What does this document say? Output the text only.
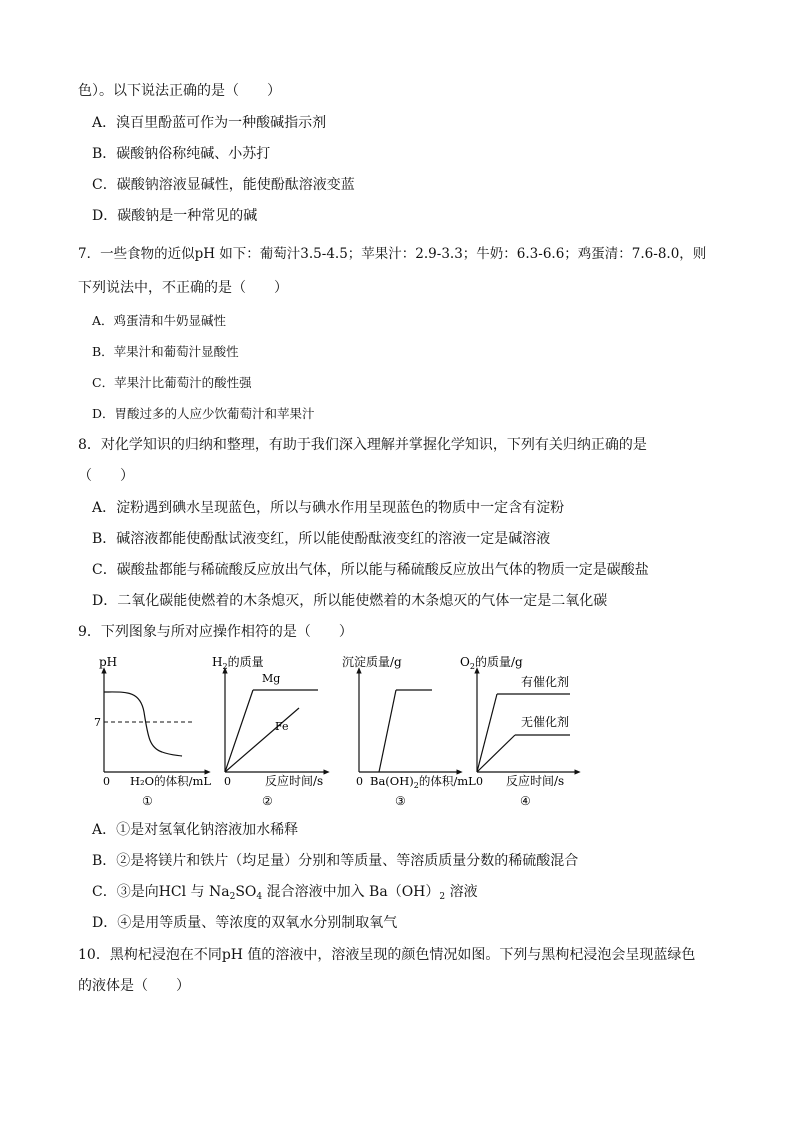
色）。以下说法正确的是（　　）
A．溴百里酚蓝可作为一种酸碱指示剂
B．碳酸钠俗称纯碱、小苏打
C．碳酸钠溶液显碱性，能使酚酞溶液变蓝
D．碳酸钠是一种常见的碱
7．一些食物的近似pH 如下：葡萄汁3.5-4.5；苹果汁：2.9-3.3；牛奶：6.3-6.6；鸡蛋清：7.6-8.0，则
下列说法中，不正确的是（　　）
A．鸡蛋清和牛奶显碱性
B．苹果汁和葡萄汁显酸性
C．苹果汁比葡萄汁的酸性强
D．胃酸过多的人应少饮葡萄汁和苹果汁
8．对化学知识的归纳和整理，有助于我们深入理解并掌握化学知识，下列有关归纳正确的是
（　　）
A．淀粉遇到碘水呈现蓝色，所以与碘水作用呈现蓝色的物质中一定含有淀粉
B．碱溶液都能使酚酞试液变红，所以能使酚酞液变红的溶液一定是碱溶液
C．碳酸盐都能与稀硫酸反应放出气体，所以能与稀硫酸反应放出气体的物质一定是碳酸盐
D．二氧化碳能使燃着的木条熄灭，所以能使燃着的木条熄灭的气体一定是二氧化碳
9．下列图象与所对应操作相符的是（　　）
pH
7
0 H₂O的体积/mL
①
$H_2$的质量
Mg
Fe
0	反应时间/s
②
沉淀质量/g
0 $Ba(OH)_2$的体积/mL
③
$O_2$的质量/g
有催化剂
无催化剂
0 反应时间/s
④
A．①是对氢氧化钠溶液加水稀释
B．②是将镁片和铁片（均足量）分别和等质量、等溶质质量分数的稀硫酸混合
C．③是向HCl 与 $Na_2SO_4$ 混合溶液中加入 $Ba(OH)_2$ 溶液
D．④是用等质量、等浓度的双氧水分别制取氧气
10．黑枸杞浸泡在不同pH 值的溶液中，溶液呈现的颜色情况如图。下列与黑枸杞浸泡会呈现蓝绿色
的液体是（　　）
